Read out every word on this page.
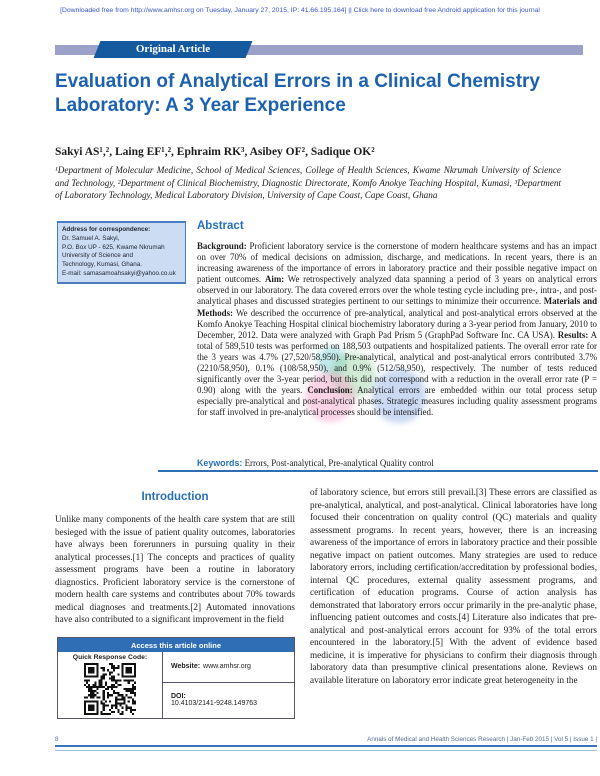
[Downloaded free from http://www.amhsr.org on Tuesday, January 27, 2015, IP: 41.66.195.164] || Click here to download free Android application for this journal
Original Article
Evaluation of Analytical Errors in a Clinical Chemistry Laboratory: A 3 Year Experience
Sakyi AS¹,², Laing EF¹,², Ephraim RK³, Asibey OF², Sadique OK²
¹Department of Molecular Medicine, School of Medical Sciences, College of Health Sciences, Kwame Nkrumah University of Science and Technology, ²Department of Clinical Biochemistry, Diagnostic Directorate, Komfo Anokye Teaching Hospital, Kumasi, ³Department of Laboratory Technology, Medical Laboratory Division, University of Cape Coast, Cape Coast, Ghana
Address for correspondence:
Dr. Samuel A. Sakyi,
P.O. Box UP - 625, Kwame Nkrumah
University of Science and
Technology, Kumasi, Ghana.
E-mail: samasamoahsakyi@yahoo.co.uk
Abstract
Background: Proficient laboratory service is the cornerstone of modern healthcare systems and has an impact on over 70% of medical decisions on admission, discharge, and medications. In recent years, there is an increasing awareness of the importance of errors in laboratory practice and their possible negative impact on patient outcomes. Aim: We retrospectively analyzed data spanning a period of 3 years on analytical errors observed in our laboratory. The data covered errors over the whole testing cycle including pre-, intra-, and post-analytical phases and discussed strategies pertinent to our settings to minimize their occurrence. Materials and Methods: We described the occurrence of pre-analytical, analytical and post-analytical errors observed at the Komfo Anokye Teaching Hospital clinical biochemistry laboratory during a 3-year period from January, 2010 to December, 2012. Data were analyzed with Graph Pad Prism 5 (GraphPad Software Inc. CA USA). Results: A total of 589,510 tests was performed on 188,503 outpatients and hospitalized patients. The overall error rate for the 3 years was 4.7% (27,520/58,950). Pre-analytical, analytical and post-analytical errors contributed 3.7% (2210/58,950), 0.1% (108/58,950), and 0.9% (512/58,950), respectively. The number of tests reduced significantly over the 3-year period, but this did not correspond with a reduction in the overall error rate (P = 0.90) along with the years. Conclusion: Analytical errors are embedded within our total process setup especially pre-analytical and post-analytical phases. Strategic measures including quality assessment programs for staff involved in pre-analytical processes should be intensified.
Keywords: Errors, Post-analytical, Pre-analytical Quality control
Introduction
Unlike many components of the health care system that are still besieged with the issue of patient quality outcomes, laboratories have always been forerunners in pursuing quality in their analytical processes.[1] The concepts and practices of quality assessment programs have been a routine in laboratory diagnostics. Proficient laboratory service is the cornerstone of modern health care systems and contributes about 70% towards medical diagnoses and treatments.[2] Automated innovations have also contributed to a significant improvement in the field
of laboratory science, but errors still prevail.[3] These errors are classified as pre-analytical, analytical, and post-analytical. Clinical laboratories have long focused their concentration on quality control (QC) materials and quality assessment programs. In recent years, however, there is an increasing awareness of the importance of errors in laboratory practice and their possible negative impact on patient outcomes. Many strategies are used to reduce laboratory errors, including certification/accreditation by professional bodies, internal QC procedures, external quality assessment programs, and certification of education programs. Course of action analysis has demonstrated that laboratory errors occur primarily in the pre-analytic phase, influencing patient outcomes and costs.[4] Literature also indicates that pre-analytical and post-analytical errors account for 93% of the total errors encountered in the laboratory.[5] With the advent of evidence based medicine, it is imperative for physicians to confirm their diagnosis through laboratory data than presumptive clinical presentations alone. Reviews on available literature on laboratory error indicate great heterogeneity in the
Access this article online
Quick Response Code:
Website: www.amhsr.org
DOI:
10.4103/2141-9248.149763
8	Annals of Medical and Health Sciences Research | Jan-Feb 2015 | Vol 5 | Issue 1 |
